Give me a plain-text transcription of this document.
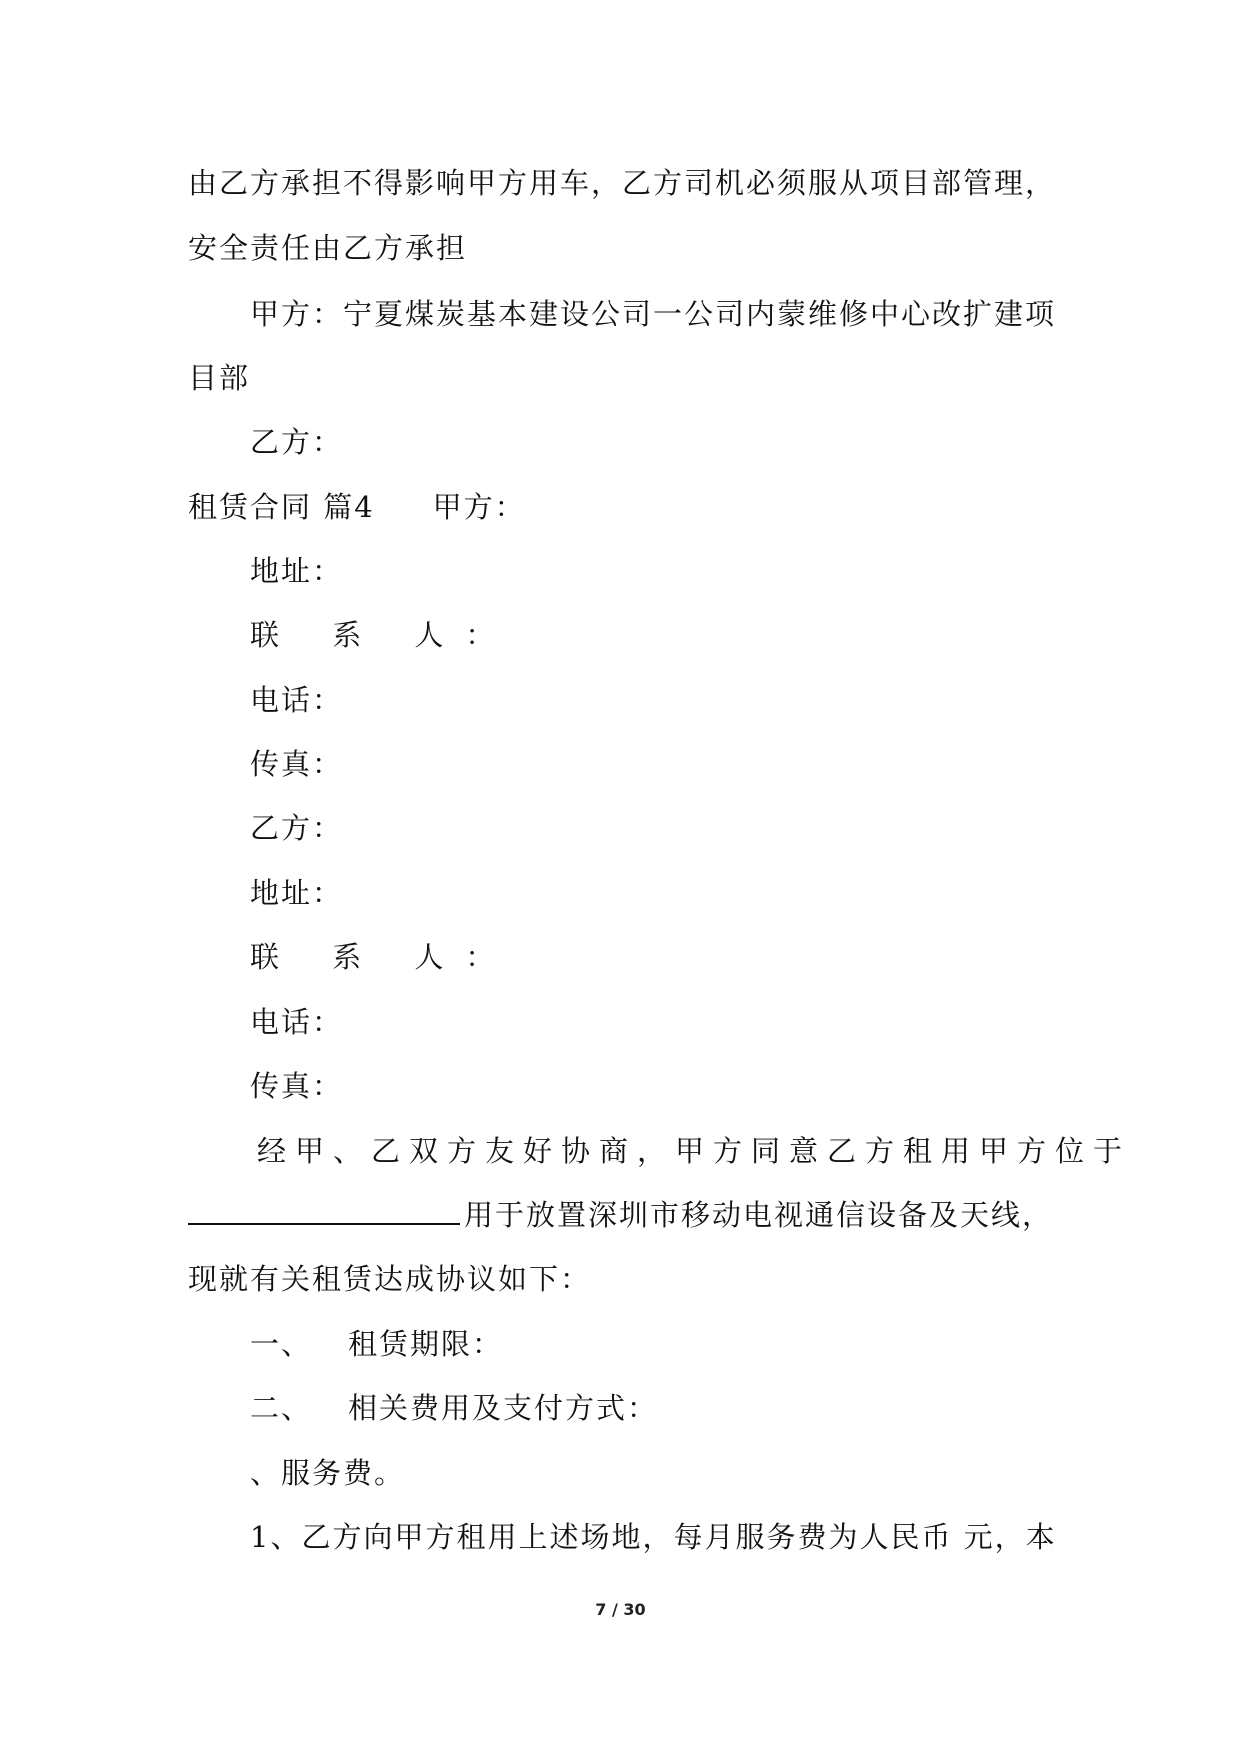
由乙方承担不得影响甲方用车，乙方司机必须服从项目部管理，
安全责任由乙方承担
甲方：宁夏煤炭基本建设公司一公司内蒙维修中心改扩建项
目部
乙方：
租赁合同 篇4 甲方：
地址：
联 系 人：
电话：
传真：
乙方：
地址：
联 系 人：
电话：
传真：
经甲、乙双方友好协商，甲方同意乙方租用甲方位于
用于放置深圳市移动电视通信设备及天线，
现就有关租赁达成协议如下：
一、 租赁期限：
二、 相关费用及支付方式：
、服务费。
1、乙方向甲方租用上述场地，每月服务费为人民币 元，本
7 / 30
